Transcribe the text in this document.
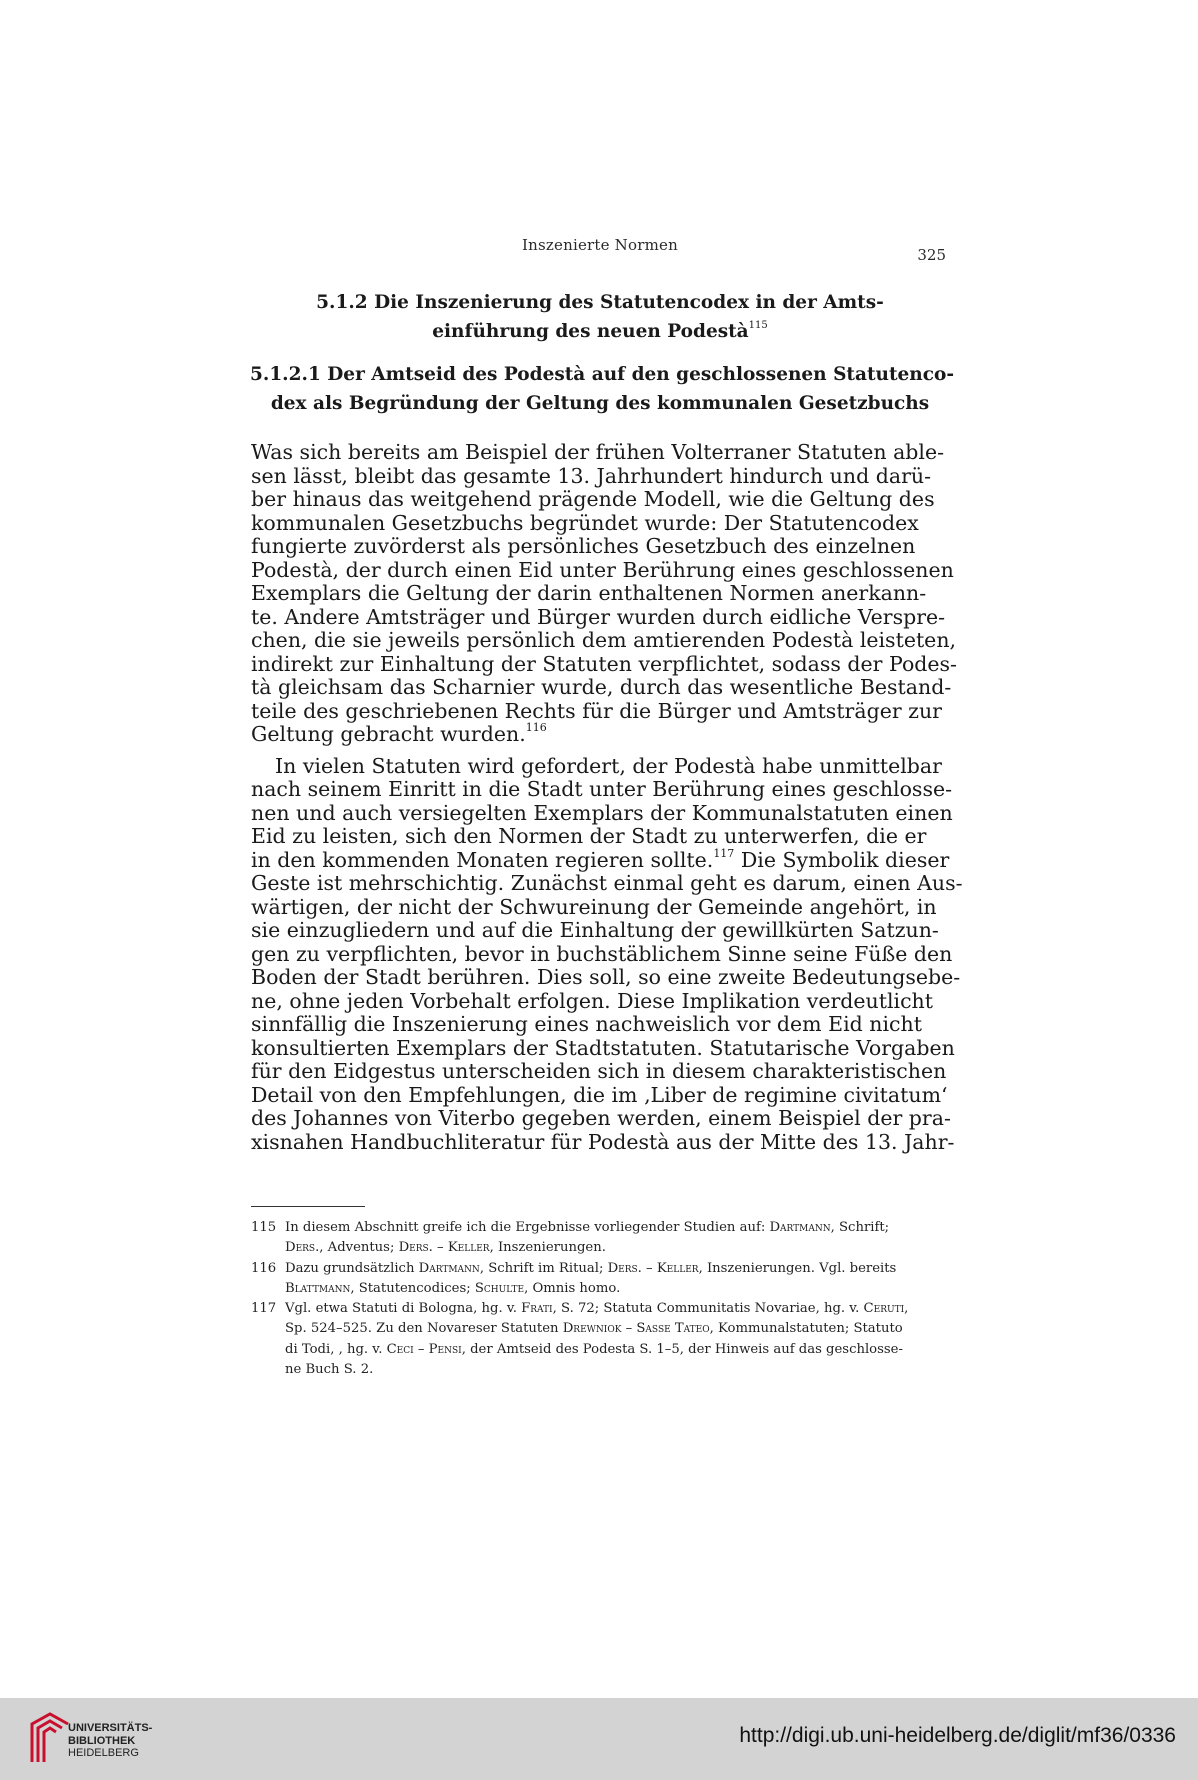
Inszenierte Normen
325
5.1.2 Die Inszenierung des Statutencodex in der Amts-
einführung des neuen Podestà$^{115}$
5.1.2.1 Der Amtseid des Podestà auf den geschlossenen Statutenco-
dex als Begründung der Geltung des kommunalen Gesetzbuchs
Was sich bereits am Beispiel der frühen Volterraner Statuten able-
sen lässt, bleibt das gesamte 13. Jahrhundert hindurch und darü-
ber hinaus das weitgehend prägende Modell, wie die Geltung des
kommunalen Gesetzbuchs begründet wurde: Der Statutencodex
fungierte zuvörderst als persönliches Gesetzbuch des einzelnen
Podestà, der durch einen Eid unter Berührung eines geschlossenen
Exemplars die Geltung der darin enthaltenen Normen anerkann-
te. Andere Amtsträger und Bürger wurden durch eidliche Verspre-
chen, die sie jeweils persönlich dem amtierenden Podestà leisteten,
indirekt zur Einhaltung der Statuten verpflichtet, sodass der Podes-
tà gleichsam das Scharnier wurde, durch das wesentliche Bestand-
teile des geschriebenen Rechts für die Bürger und Amtsträger zur
Geltung gebracht wurden.$^{116}$
In vielen Statuten wird gefordert, der Podestà habe unmittelbar
nach seinem Einritt in die Stadt unter Berührung eines geschlosse-
nen und auch versiegelten Exemplars der Kommunalstatuten einen
Eid zu leisten, sich den Normen der Stadt zu unterwerfen, die er
in den kommenden Monaten regieren sollte.$^{117}$ Die Symbolik dieser
Geste ist mehrschichtig. Zunächst einmal geht es darum, einen Aus-
wärtigen, der nicht der Schwureinung der Gemeinde angehört, in
sie einzugliedern und auf die Einhaltung der gewillkürten Satzun-
gen zu verpflichten, bevor in buchstäblichem Sinne seine Füße den
Boden der Stadt berühren. Dies soll, so eine zweite Bedeutungsebe-
ne, ohne jeden Vorbehalt erfolgen. Diese Implikation verdeutlicht
sinnfällig die Inszenierung eines nachweislich vor dem Eid nicht
konsultierten Exemplars der Stadtstatuten. Statutarische Vorgaben
für den Eidgestus unterscheiden sich in diesem charakteristischen
Detail von den Empfehlungen, die im ‚Liber de regimine civitatum‘
des Johannes von Viterbo gegeben werden, einem Beispiel der pra-
xisnahen Handbuchliteratur für Podestà aus der Mitte des 13. Jahr-
115 In diesem Abschnitt greife ich die Ergebnisse vorliegender Studien auf: Dartmann, Schrift;
Ders., Adventus; Ders. – Keller, Inszenierungen.
116 Dazu grundsätzlich Dartmann, Schrift im Ritual; Ders. – Keller, Inszenierungen. Vgl. bereits
Blattmann, Statutencodices; Schulte, Omnis homo.
117 Vgl. etwa Statuti di Bologna, hg. v. Frati, S. 72; Statuta Communitatis Novariae, hg. v. Ceruti,
Sp. 524–525. Zu den Novareser Statuten Drewniok – Sasse Tateo, Kommunalstatuten; Statuto
di Todi, , hg. v. Ceci – Pensi, der Amtseid des Podesta S. 1–5, der Hinweis auf das geschlosse-
ne Buch S. 2.
UNIVERSITÄTS-
BIBLIOTHEK
HEIDELBERG
http://digi.ub.uni-heidelberg.de/diglit/mf36/0336
